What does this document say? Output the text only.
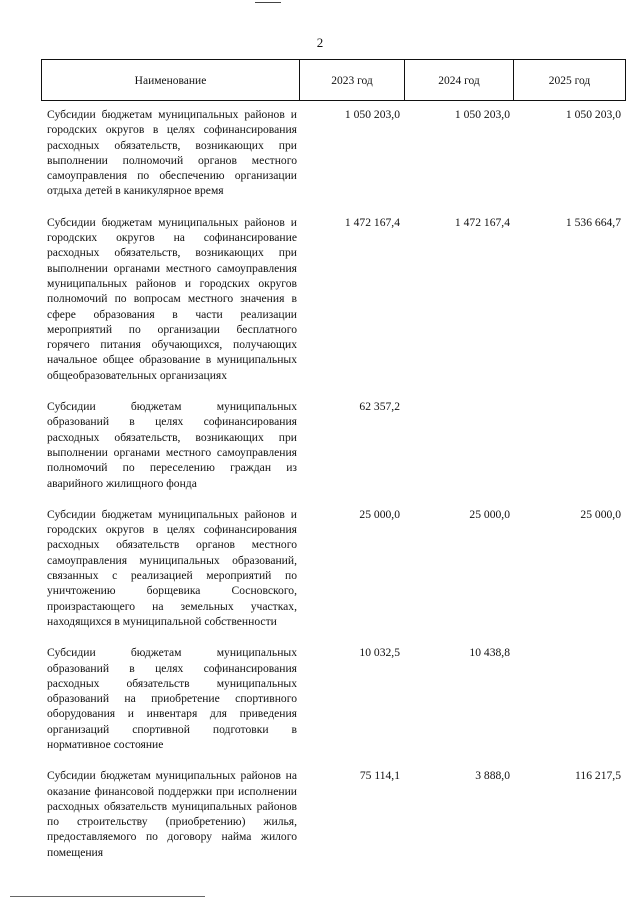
2
Наименование	2023 год	2024 год	2025 год
Субсидии бюджетам муниципальных районов и городских округов в целях софинансирования расходных обязательств, возникающих при выполнении полномочий органов местного самоуправления по обеспечению организации отдыха детей в каникулярное время
1 050 203,0	1 050 203,0	1 050 203,0
Субсидии бюджетам муниципальных районов и городских округов на софинансирование расходных обязательств, возникающих при выполнении органами местного самоуправления муниципальных районов и городских округов полномочий по вопросам местного значения в сфере образования в части реализации мероприятий по организации бесплатного горячего питания обучающихся, получающих начальное общее образование в муниципальных общеобразовательных организациях
1 472 167,4	1 472 167,4	1 536 664,7
Субсидии бюджетам муниципальных образований в целях софинансирования расходных обязательств, возникающих при выполнении органами местного самоуправления полномочий по переселению граждан из аварийного жилищного фонда
62 357,2
Субсидии бюджетам муниципальных районов и городских округов в целях софинансирования расходных обязательств органов местного самоуправления муниципальных образований, связанных с реализацией мероприятий по уничтожению борщевика Сосновского, произрастающего на земельных участках, находящихся в муниципальной собственности
25 000,0	25 000,0	25 000,0
Субсидии бюджетам муниципальных образований в целях софинансирования расходных обязательств муниципальных образований на приобретение спортивного оборудования и инвентаря для приведения организаций спортивной подготовки в нормативное состояние
10 032,5	10 438,8
Субсидии бюджетам муниципальных районов на оказание финансовой поддержки при исполнении расходных обязательств муниципальных районов по строительству (приобретению) жилья, предоставляемого по договору найма жилого помещения
75 114,1	3 888,0	116 217,5
